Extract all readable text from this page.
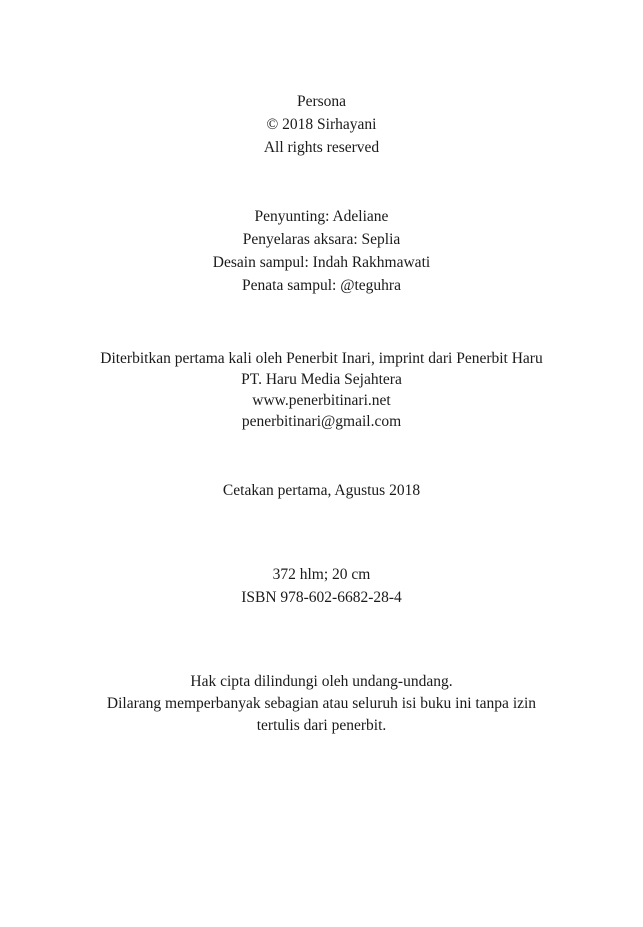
Persona
© 2018 Sirhayani
All rights reserved
Penyunting: Adeliane
Penyelaras aksara: Seplia
Desain sampul: Indah Rakhmawati
Penata sampul: @teguhra
Diterbitkan pertama kali oleh Penerbit Inari, imprint dari Penerbit Haru
PT. Haru Media Sejahtera
www.penerbitinari.net
penerbitinari@gmail.com
Cetakan pertama, Agustus 2018
372 hlm; 20 cm
ISBN 978-602-6682-28-4
Hak cipta dilindungi oleh undang-undang.
Dilarang memperbanyak sebagian atau seluruh isi buku ini tanpa izin
tertulis dari penerbit.
